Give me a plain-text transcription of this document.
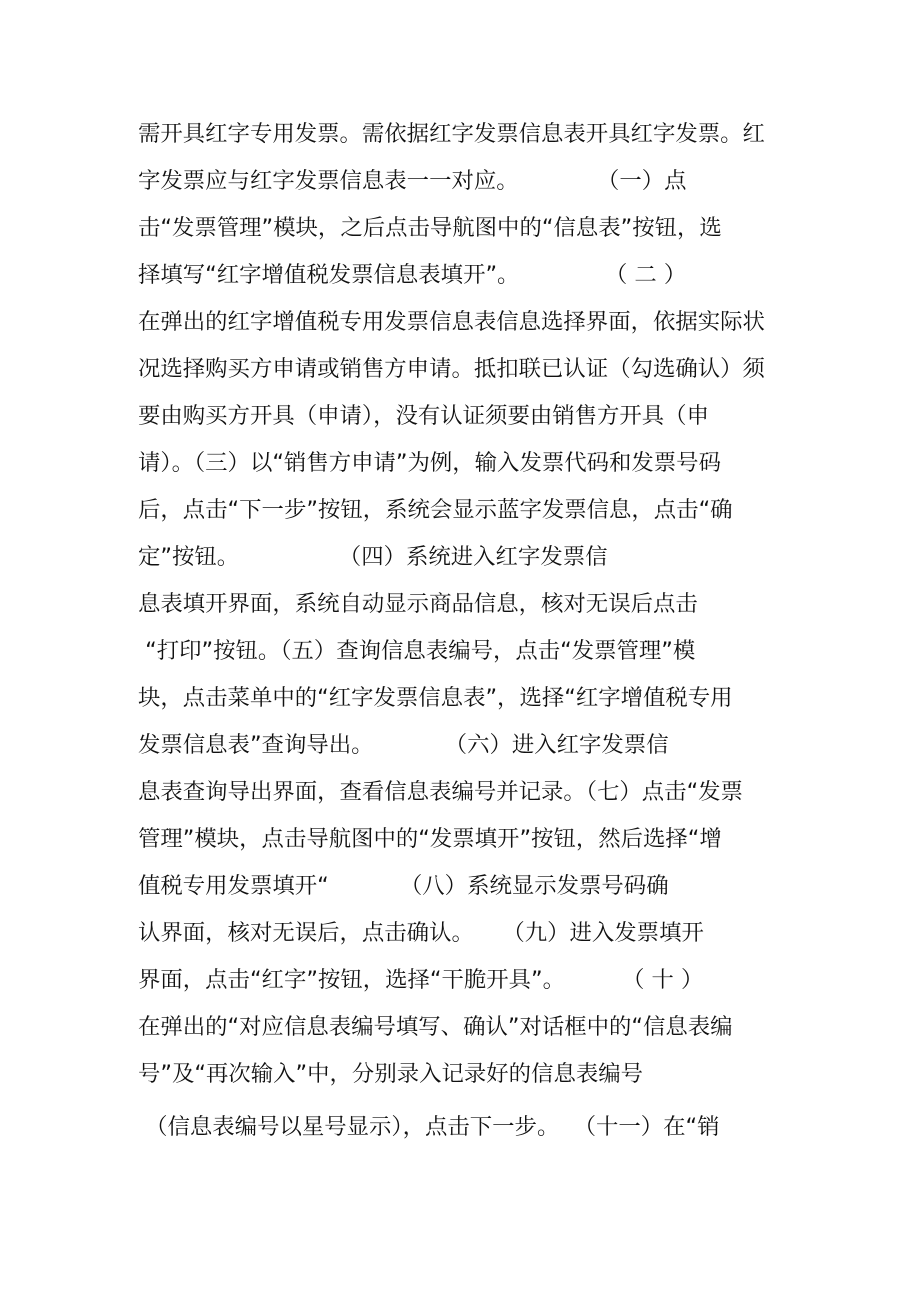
需开具红字专用发票。需依据红字发票信息表开具红字发票。红
字发票应与红字发票信息表一一对应。           （一）点
击“发票管理”模块，之后点击导航图中的“信息表”按钮，选
择填写“红字增值税发票信息表填开”。            （ 二 ）
在弹出的红字增值税专用发票信息表信息选择界面，依据实际状
况选择购买方申请或销售方申请。抵扣联已认证（勾选确认）须
要由购买方开具（申请），没有认证须要由销售方开具（申
请）。（三）以“销售方申请”为例，输入发票代码和发票号码
后，点击“下一步”按钮，系统会显示蓝字发票信息，点击“确
定”按钮。              （四）系统进入红字发票信
息表填开界面，系统自动显示商品信息，核对无误后点击
“打印”按钮。（五）查询信息表编号，点击“发票管理”模
块，点击菜单中的“红字发票信息表”，选择“红字增值税专用
发票信息表”查询导出。          （六）进入红字发票信
息表查询导出界面，查看信息表编号并记录。（七）点击“发票
管理”模块，点击导航图中的“发票填开”按钮，然后选择“增
值税专用发票填开“          （八）系统显示发票号码确
认界面，核对无误后，点击确认。    （九）进入发票填开
界面，点击“红字”按钮，选择“干脆开具”。        （ 十 ）
在弹出的“对应信息表编号填写、确认”对话框中的“信息表编
号”及“再次输入”中，分别录入记录好的信息表编号
（信息表编号以星号显示），点击下一步。  （十一）在“销
